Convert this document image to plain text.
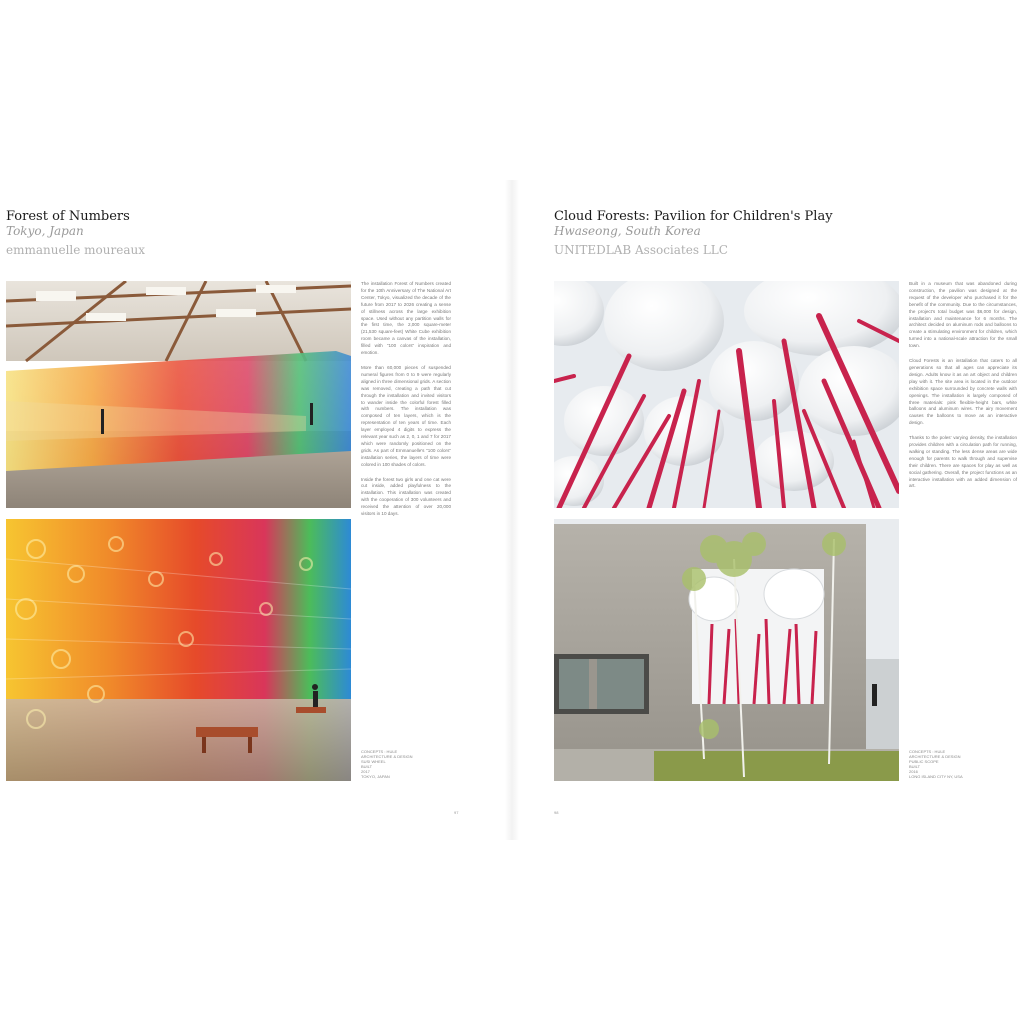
Forest of Numbers
Tokyo, Japan
emmanuelle moureaux

The installation Forest of Numbers created for the 10th Anniversary of The National Art Center, Tokyo, visualized the decade of the future from 2017 to 2026 creating a sense of stillness across the large exhibition space. Used without any partition walls for the first time, the 2,000 square-meter (21,530 square-feet) White Cube exhibition room became a canvas of the installation, filled with "100 colors" inspiration and emotion.

More than 60,000 pieces of suspended numeral figures from 0 to 9 were regularly aligned in three dimensional grids. A section was removed, creating a path that cut through the installation and invited visitors to wander inside the colorful forest filled with numbers. The installation was composed of ten layers, which is the representation of ten years of time. Each layer employed 4 digits to express the relevant year such as 2, 0, 1 and 7 for 2017 which were randomly positioned on the grids. As part of Emmanuelle's "100 colors" installation series, the layers of time were colored in 100 shades of colors.

Inside the forest two girls and one cat were cut inside, added playfulness to the installation. This installation was created with the cooperation of 300 volunteers and received the attention of over 20,000 visitors in 10 days.

CONCEPTS : HULE
ARCHITECTURE & DESIGN
SUSI WHEEL
BUILT
2017
TOKYO, JAPAN
97
Cloud Forests: Pavilion for Children's Play
Hwaseong, South Korea
UNITEDLAB Associates LLC

Built in a museum that was abandoned during construction, the pavilion was designed at the request of the developer who purchased it for the benefit of the community. Due to the circumstances, the project's total budget was $6,000 for design, installation and maintenance for 6 months. The architect decided on aluminum rods and balloons to create a stimulating environment for children, which turned into a national-scale attraction for the small town.

Cloud Forests is an installation that caters to all generations so that all ages can appreciate its design. Adults know it as an art object and children play with it. The site area is located in the outdoor exhibition space surrounded by concrete walls with openings. The installation is largely composed of three materials: pink flexible-height bars, white balloons and aluminum wires. The airy movement causes the balloons to move as an interactive design.

Thanks to the poles' varying density, the installation provides children with a circulation path for running, walking or standing. The less dense areas are wide enough for parents to walk through and supervise their children. There are spaces for play as well as social gathering. Overall, the project functions as an interactive installation with an added dimension of art.

CONCEPTS : HULE
ARCHITECTURE & DESIGN
PUBLIC SCOPE
BUILT
2016
LONG ISLAND CITY NY, USA
98
